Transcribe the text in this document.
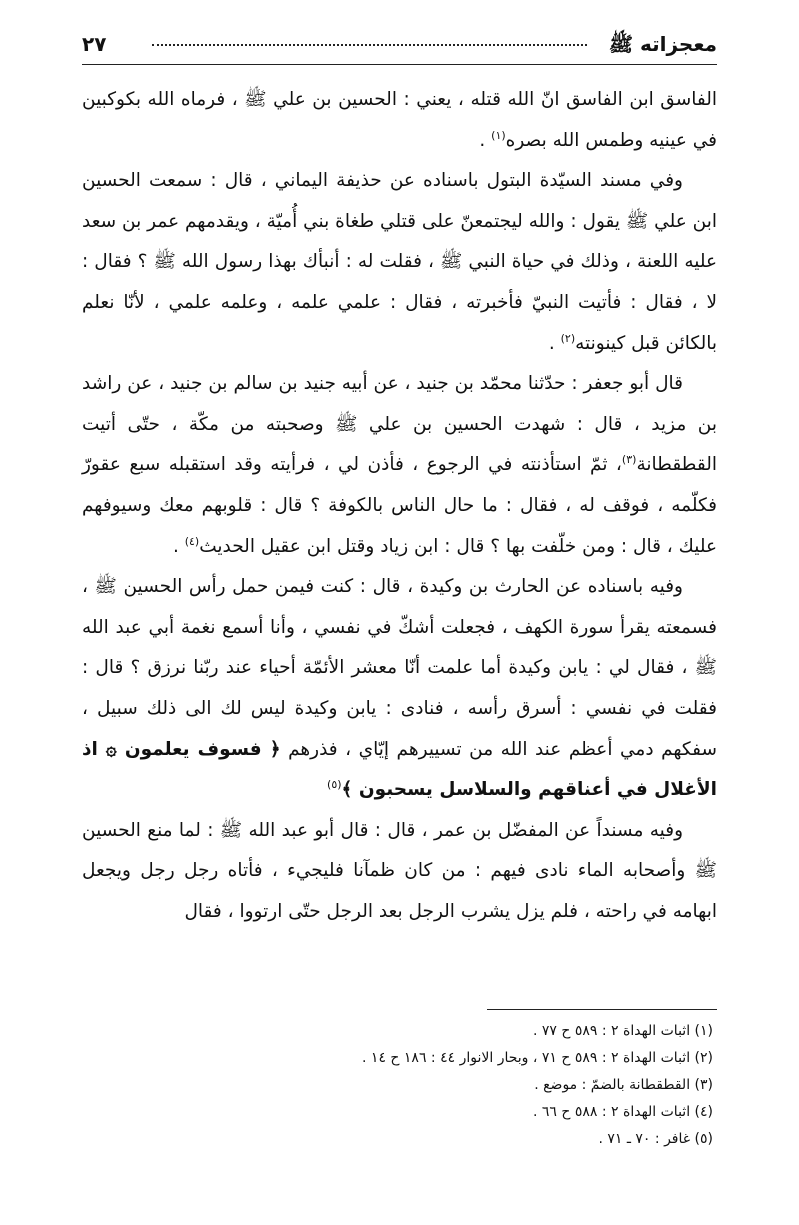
معجزاته ﷺ
٢٧

الفاسق ابن الفاسق انّ الله قتله ، يعني : الحسين بن علي ﷺ ، فرماه الله بكوكبين في عينيه وطمس الله بصره$^{(١)}$ .

وفي مسند السيّدة البتول باسناده عن حذيفة اليماني ، قال : سمعت الحسين ابن علي ﷺ يقول : والله ليجتمعنّ على قتلي طغاة بني أُميّة ، ويقدمهم عمر بن سعد عليه اللعنة ، وذلك في حياة النبي ﷺ ، فقلت له : أنبأك بهذا رسول الله ﷺ ؟ فقال : لا ، فقال : فأتيت النبيّ فأخبرته ، فقال : علمي علمه ، وعلمه علمي ، لأنّا نعلم بالكائن قبل كينونته$^{(٢)}$ .

قال أبو جعفر : حدّثنا محمّد بن جنيد ، عن أبيه جنيد بن سالم بن جنيد ، عن راشد بن مزيد ، قال : شهدت الحسين بن علي ﷺ وصحبته من مكّة ، حتّى أتيت القطقطانة$^{(٣)}$، ثمّ استأذنته في الرجوع ، فأذن لي ، فرأيته وقد استقبله سبع عقورّ فكلّمه ، فوقف له ، فقال : ما حال الناس بالكوفة ؟ قال : قلوبهم معك وسيوفهم عليك ، قال : ومن خلّفت بها ؟ قال : ابن زياد وقتل ابن عقيل الحديث$^{(٤)}$ .

وفيه باسناده عن الحارث بن وكيدة ، قال : كنت فيمن حمل رأس الحسين ﷺ ، فسمعته يقرأ سورة الكهف ، فجعلت أشكّ في نفسي ، وأنا أسمع نغمة أبي عبد الله ﷺ ، فقال لي : يابن وكيدة أما علمت أنّا معشر الأئمّة أحياء عند ربّنا نرزق ؟ قال : فقلت في نفسي : أسرق رأسه ، فنادى : يابن وكيدة ليس لك الى ذلك سبيل ، سفكهم دمي أعظم عند الله من تسييرهم إيّاي ، فذرهم ﴿ فسوف يعلمون ۞ اذ الأغلال في أعناقهم والسلاسل يسحبون ﴾$^{(٥)}$

وفيه مسنداً عن المفضّل بن عمر ، قال : قال أبو عبد الله ﷺ : لما منع الحسين ﷺ وأصحابه الماء نادى فيهم : من كان ظمآنا فليجيء ، فأتاه رجل رجل ويجعل ابهامه في راحته ، فلم يزل يشرب الرجل بعد الرجل حتّى ارتووا ، فقال

(١) اثبات الهداة ٢ : ٥٨٩ ح ٧٧ .
(٢) اثبات الهداة ٢ : ٥٨٩ ح ٧١ ، وبحار الانوار ٤٤ : ١٨٦ ح ١٤ .
(٣) القطقطانة بالضمّ : موضع .
(٤) اثبات الهداة ٢ : ٥٨٨ ح ٦٦ .
(٥) غافر : ٧٠ ـ ٧١ .
